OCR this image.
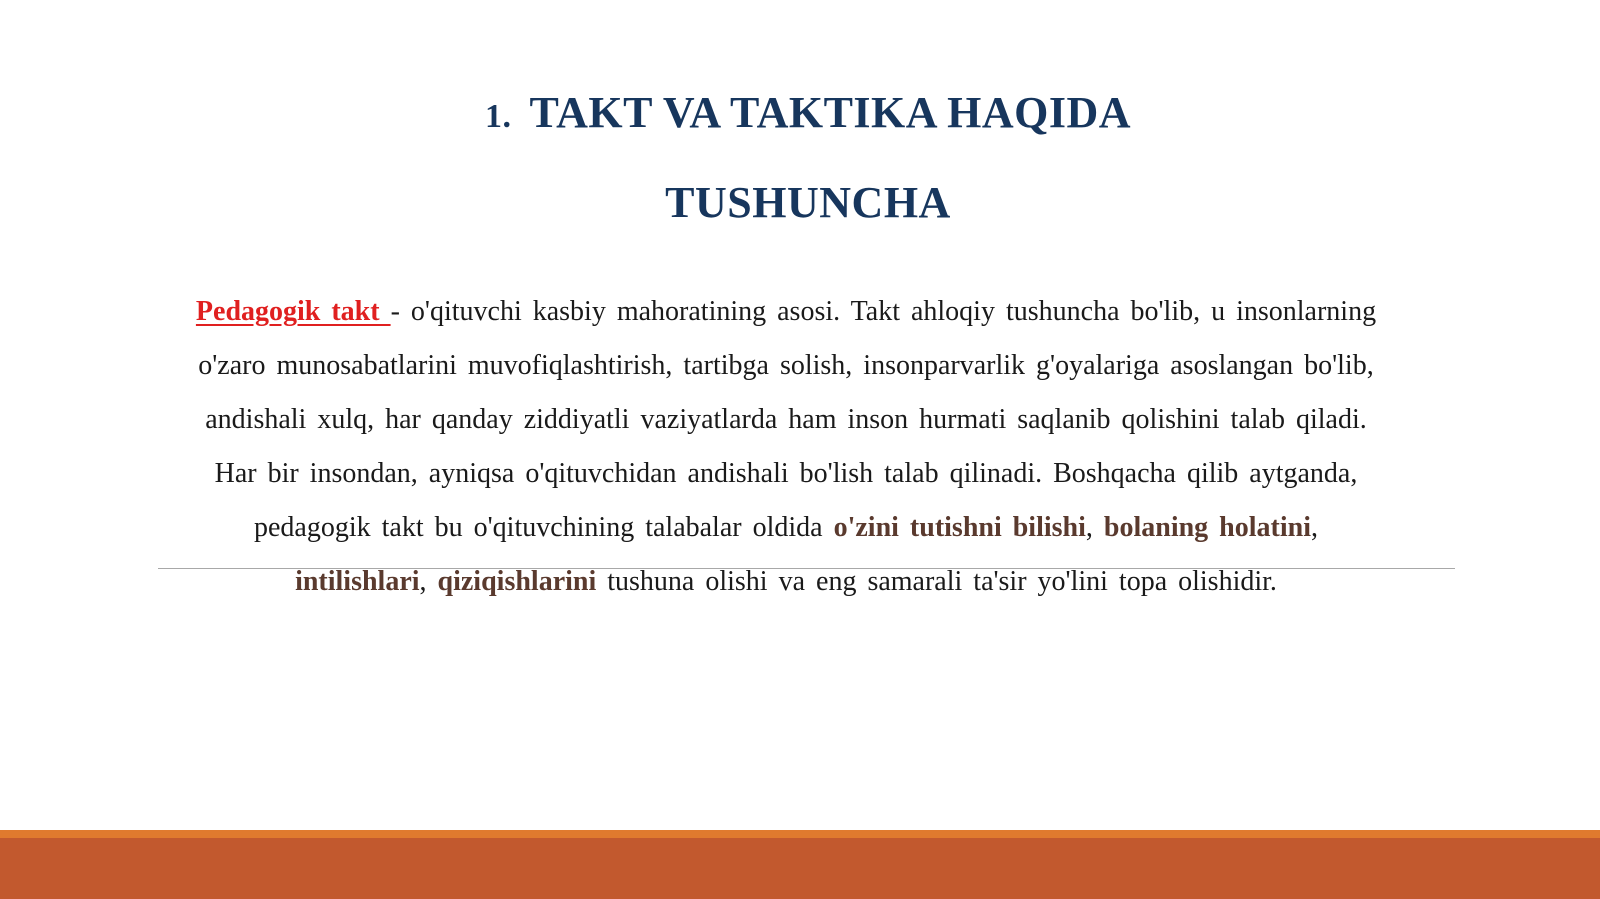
1. TAKT VA TAKTIKA HAQIDA
TUSHUNCHA

Pedagogik takt - o'qituvchi kasbiy mahoratining asosi. Takt ahloqiy tushuncha bo'lib, u insonlarning o'zaro munosabatlarini muvofiqlashtirish, tartibga solish, insonparvarlik g'oyalariga asoslangan bo'lib, andishali xulq, har qanday ziddiyatli vaziyatlarda ham inson hurmati saqlanib qolishini talab qiladi. Har bir insondan, ayniqsa o'qituvchidan andishali bo'lish talab qilinadi. Boshqacha qilib aytganda, pedagogik takt bu o'qituvchining talabalar oldida o'zini tutishni bilishi, bolaning holatini, intilishlari, qiziqishlarini tushuna olishi va eng samarali ta'sir yo'lini topa olishidir.
